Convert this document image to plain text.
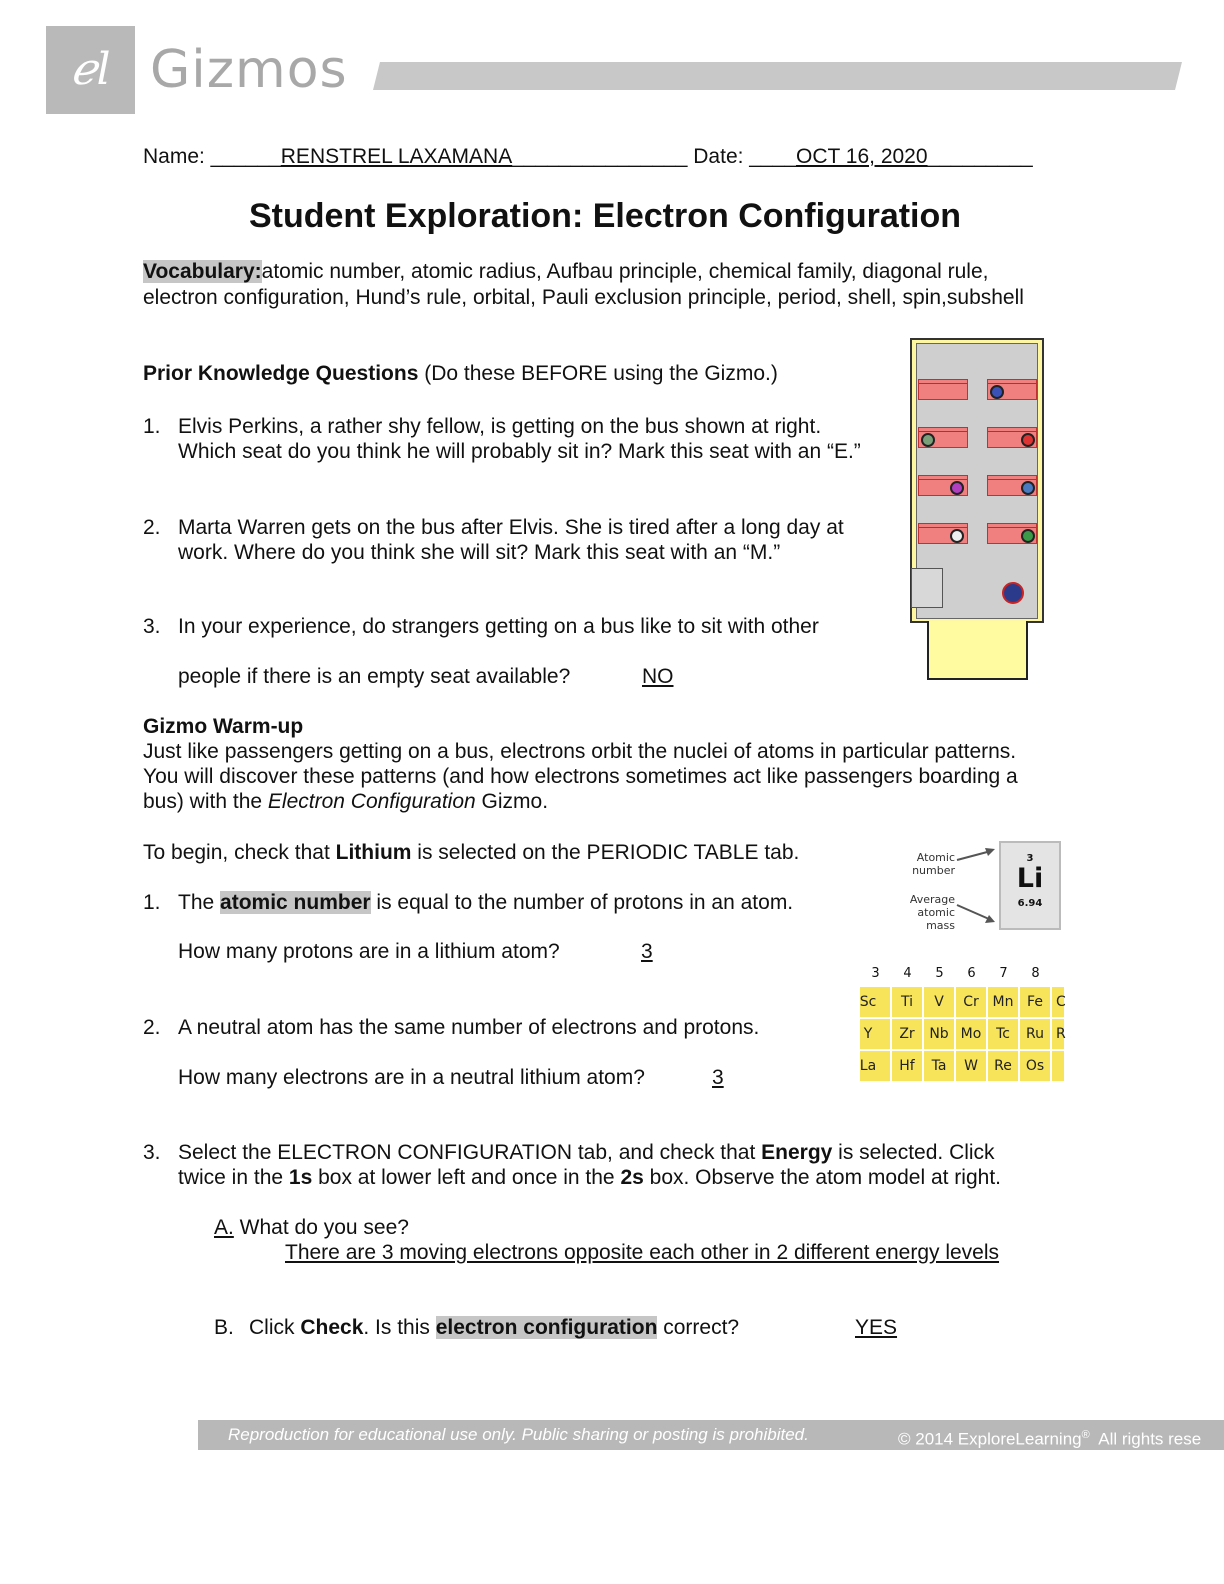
ℯl Gizmos
Name: ______RENSTREL LAXAMANA_______________ Date: ____OCT 16, 2020_________
Student Exploration: Electron Configuration
Vocabulary:atomic number, atomic radius, Aufbau principle, chemical family, diagonal rule,
electron configuration, Hund’s rule, orbital, Pauli exclusion principle, period, shell, spin,subshell
Prior Knowledge Questions (Do these BEFORE using the Gizmo.)
1. Elvis Perkins, a rather shy fellow, is getting on the bus shown at right.
Which seat do you think he will probably sit in? Mark this seat with an “E.”
2. Marta Warren gets on the bus after Elvis. She is tired after a long day at
work. Where do you think she will sit? Mark this seat with an “M.”
3. In your experience, do strangers getting on a bus like to sit with other
people if there is an empty seat available?	NO
Gizmo Warm-up
Just like passengers getting on a bus, electrons orbit the nuclei of atoms in particular patterns.
You will discover these patterns (and how electrons sometimes act like passengers boarding a
bus) with the Electron Configuration Gizmo.
To begin, check that Lithium is selected on the PERIODIC TABLE tab.
1. The atomic number is equal to the number of protons in an atom.
How many protons are in a lithium atom?	3
2. A neutral atom has the same number of electrons and protons.
How many electrons are in a neutral lithium atom?	3
3. Select the ELECTRON CONFIGURATION tab, and check that Energy is selected. Click
twice in the 1s box at lower left and once in the 2s box. Observe the atom model at right.
A. What do you see?
There are 3 moving electrons opposite each other in 2 different energy levels
B. Click Check. Is this electron configuration correct?	YES
Atomic
number
Average
atomic
mass
3
Li
6.94
3	4	5	6	7	8
Sc	Ti	V	Cr Mn Fe C
Y	Zr	Nb Mo	Tc	Ru R
La	Hf	Ta	W	Re Os
Reproduction for educational use only. Public sharing or posting is prohibited.	© 2014 ExploreLearning®  All rights rese
